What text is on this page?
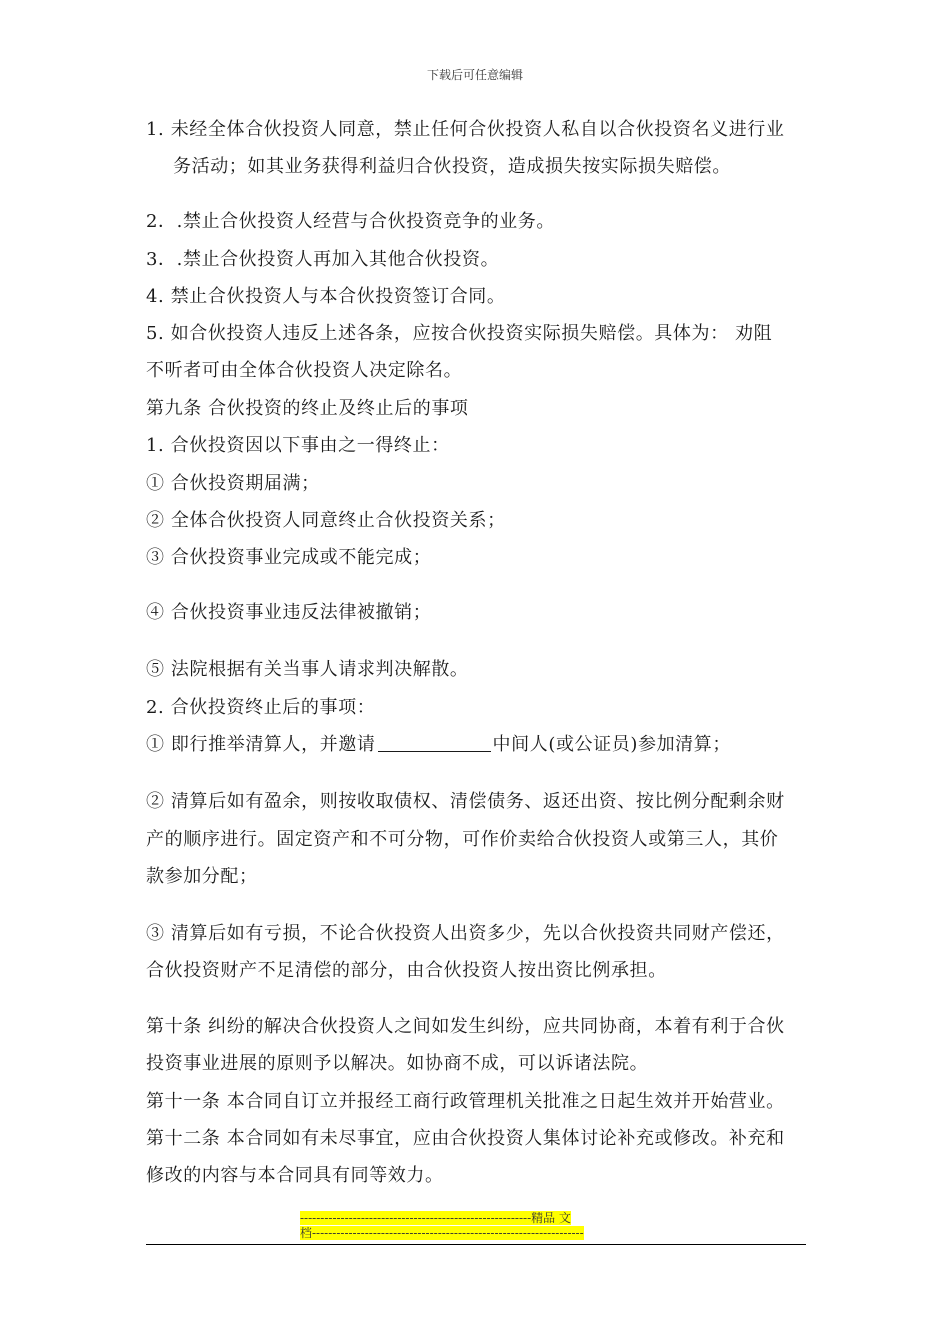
下载后可任意编辑
1. 未经全体合伙投资人同意，禁止任何合伙投资人私自以合伙投资名义进行业
务活动；如其业务获得利益归合伙投资，造成损失按实际损失赔偿。
2．.禁止合伙投资人经营与合伙投资竞争的业务。
3．.禁止合伙投资人再加入其他合伙投资。
4. 禁止合伙投资人与本合伙投资签订合同。
5. 如合伙投资人违反上述各条，应按合伙投资实际损失赔偿。具体为： 劝阻
不听者可由全体合伙投资人决定除名。
第九条 合伙投资的终止及终止后的事项
1. 合伙投资因以下事由之一得终止：
① 合伙投资期届满；
② 全体合伙投资人同意终止合伙投资关系；
③ 合伙投资事业完成或不能完成；
④ 合伙投资事业违反法律被撤销；
⑤ 法院根据有关当事人请求判决解散。
2. 合伙投资终止后的事项：
① 即行推举清算人，并邀请	中间人(或公证员)参加清算；
② 清算后如有盈余，则按收取债权、清偿债务、返还出资、按比例分配剩余财
产的顺序进行。固定资产和不可分物，可作价卖给合伙投资人或第三人，其价
款参加分配；
③ 清算后如有亏损，不论合伙投资人出资多少，先以合伙投资共同财产偿还，
合伙投资财产不足清偿的部分，由合伙投资人按出资比例承担。
第十条 纠纷的解决合伙投资人之间如发生纠纷，应共同协商，本着有利于合伙
投资事业进展的原则予以解决。如协商不成，可以诉诸法院。
第十一条 本合同自订立并报经工商行政管理机关批准之日起生效并开始营业。
第十二条 本合同如有未尽事宜，应由合伙投资人集体讨论补充或修改。补充和
修改的内容与本合同具有同等效力。
---------------------------------------------------------精品 文
档-------------------------------------------------------------------
